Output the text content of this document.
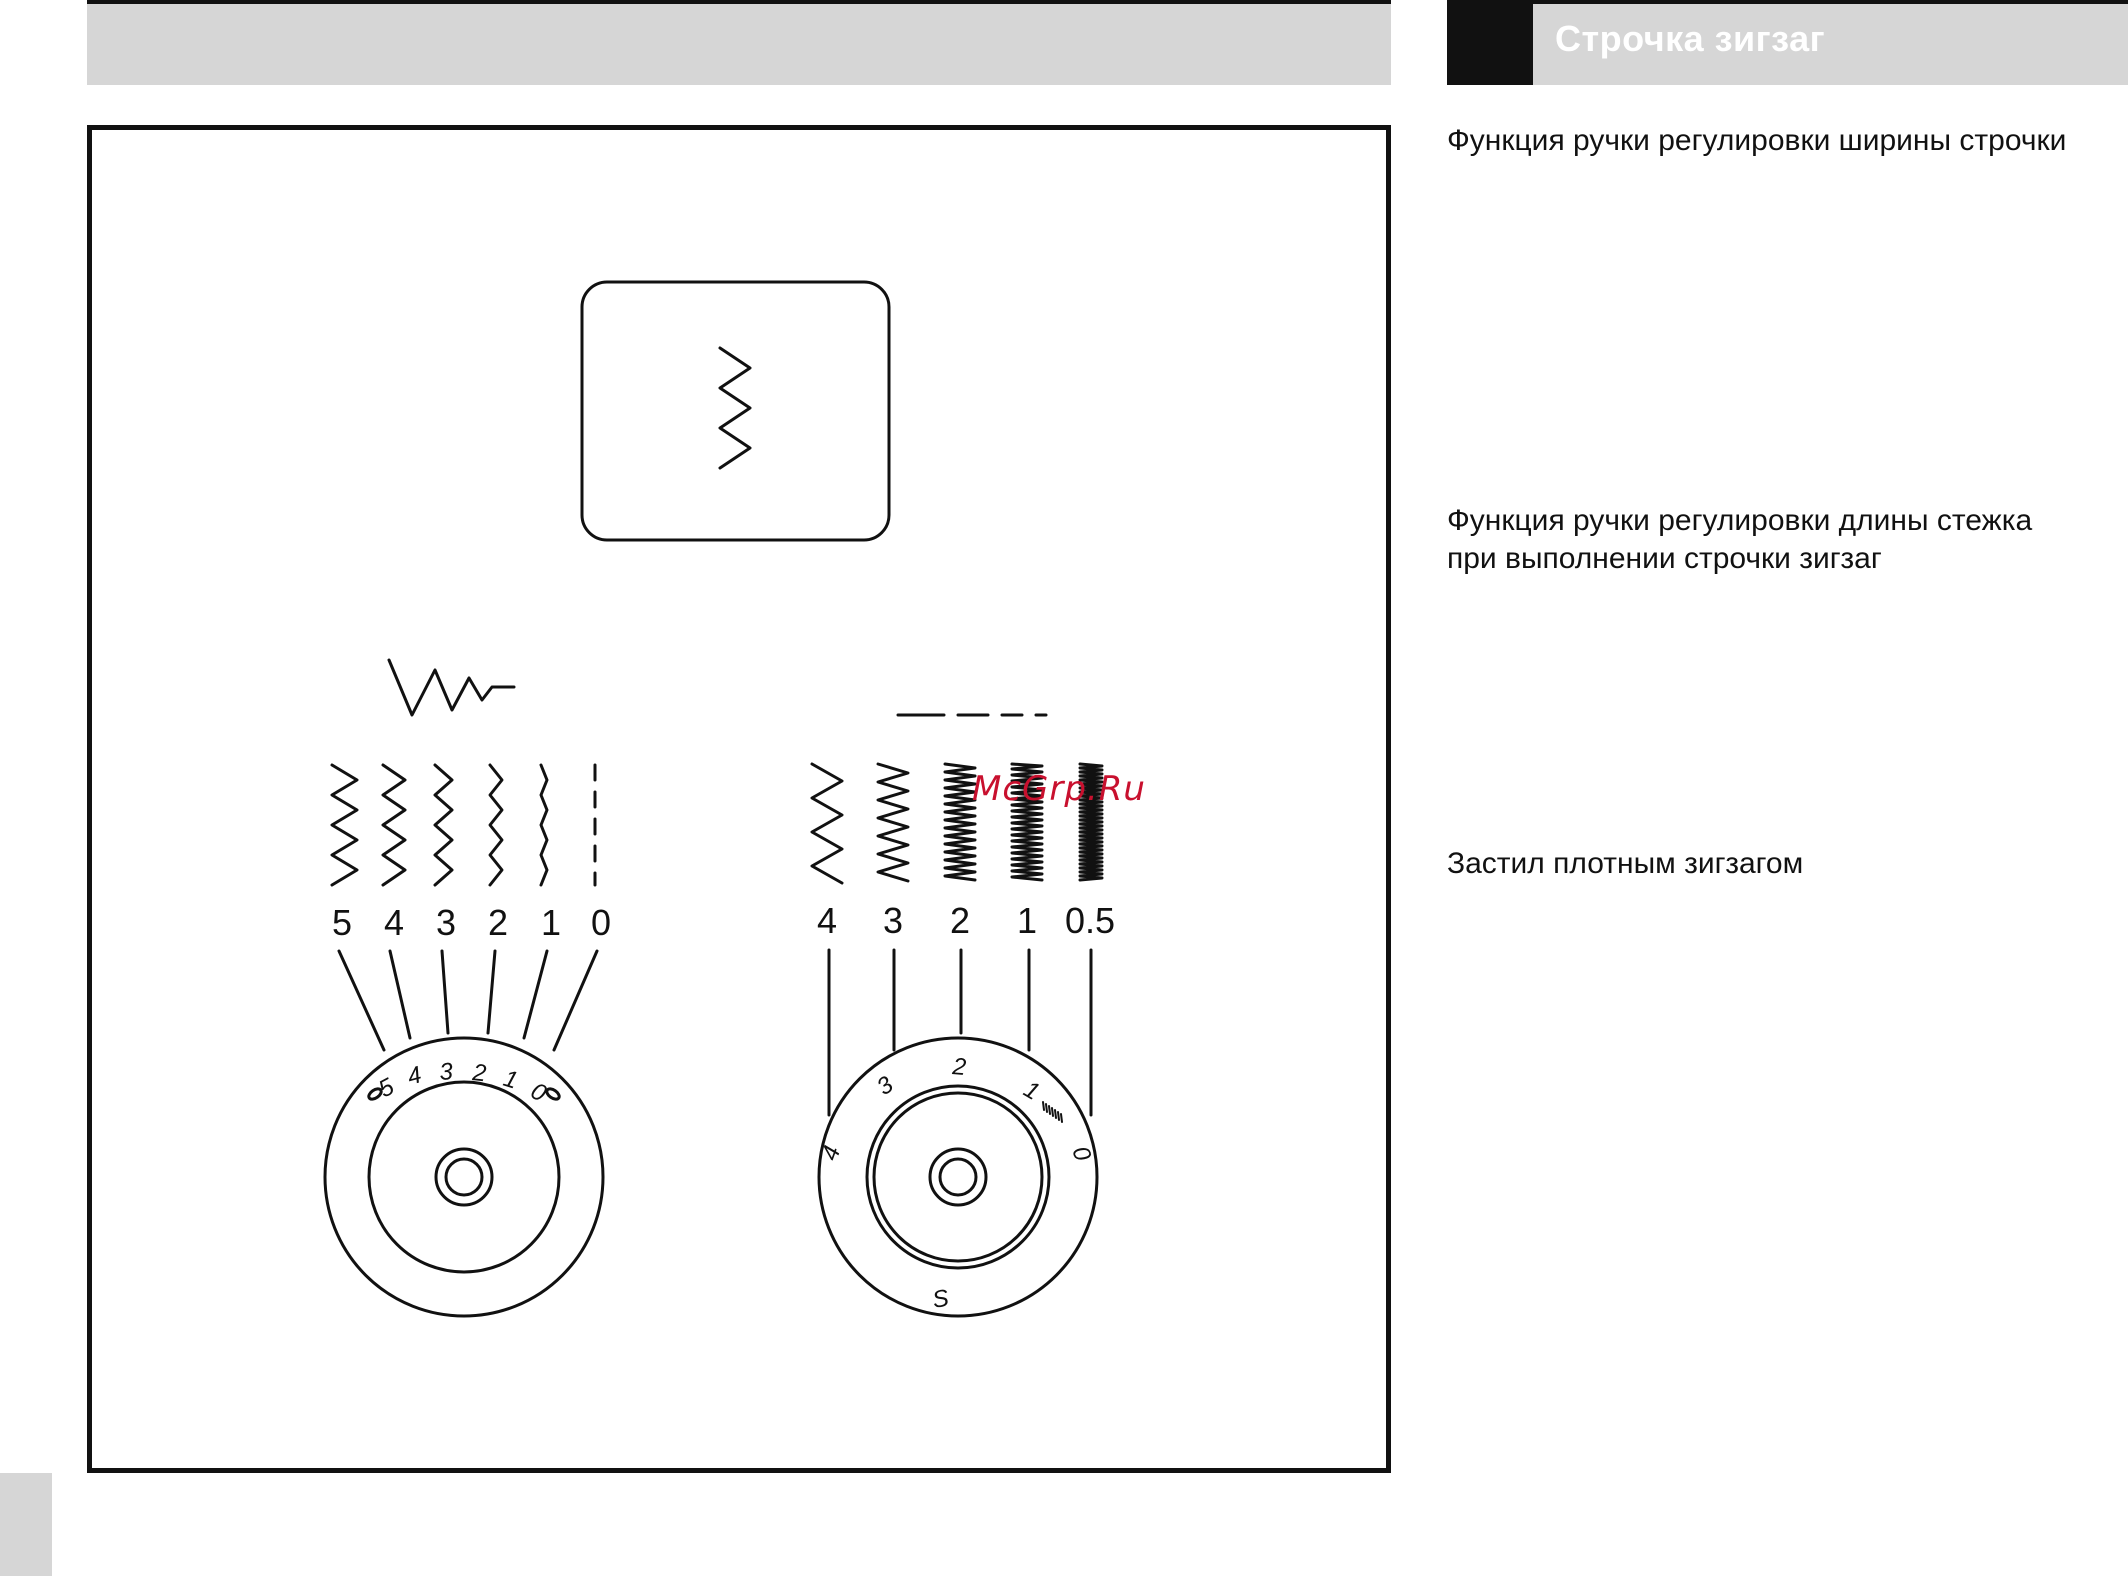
Строчка зигзаг
5 4 3 2 1 0
5 4 3 2 1 0
4 3 2 1 0.5
4
3
2
1
0
S
McGrp.Ru
Функция ручки регулировки ширины строчки
Функция ручки регулировки длины стежка
при выполнении строчки зигзаг
Застил плотным зигзагом
